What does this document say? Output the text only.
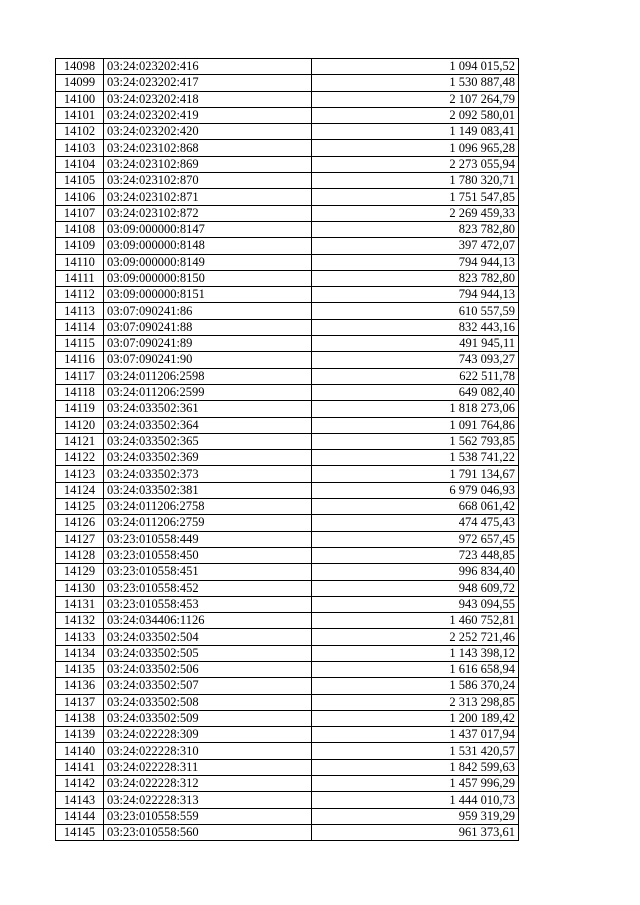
14098	03:24:023202:416	1 094 015,52
14099	03:24:023202:417	1 530 887,48
14100	03:24:023202:418	2 107 264,79
14101	03:24:023202:419	2 092 580,01
14102	03:24:023202:420	1 149 083,41
14103	03:24:023102:868	1 096 965,28
14104	03:24:023102:869	2 273 055,94
14105	03:24:023102:870	1 780 320,71
14106	03:24:023102:871	1 751 547,85
14107	03:24:023102:872	2 269 459,33
14108	03:09:000000:8147	823 782,80
14109	03:09:000000:8148	397 472,07
14110	03:09:000000:8149	794 944,13
14111	03:09:000000:8150	823 782,80
14112	03:09:000000:8151	794 944,13
14113	03:07:090241:86	610 557,59
14114	03:07:090241:88	832 443,16
14115	03:07:090241:89	491 945,11
14116	03:07:090241:90	743 093,27
14117	03:24:011206:2598	622 511,78
14118	03:24:011206:2599	649 082,40
14119	03:24:033502:361	1 818 273,06
14120	03:24:033502:364	1 091 764,86
14121	03:24:033502:365	1 562 793,85
14122	03:24:033502:369	1 538 741,22
14123	03:24:033502:373	1 791 134,67
14124	03:24:033502:381	6 979 046,93
14125	03:24:011206:2758	668 061,42
14126	03:24:011206:2759	474 475,43
14127	03:23:010558:449	972 657,45
14128	03:23:010558:450	723 448,85
14129	03:23:010558:451	996 834,40
14130	03:23:010558:452	948 609,72
14131	03:23:010558:453	943 094,55
14132	03:24:034406:1126	1 460 752,81
14133	03:24:033502:504	2 252 721,46
14134	03:24:033502:505	1 143 398,12
14135	03:24:033502:506	1 616 658,94
14136	03:24:033502:507	1 586 370,24
14137	03:24:033502:508	2 313 298,85
14138	03:24:033502:509	1 200 189,42
14139	03:24:022228:309	1 437 017,94
14140	03:24:022228:310	1 531 420,57
14141	03:24:022228:311	1 842 599,63
14142	03:24:022228:312	1 457 996,29
14143	03:24:022228:313	1 444 010,73
14144	03:23:010558:559	959 319,29
14145	03:23:010558:560	961 373,61
